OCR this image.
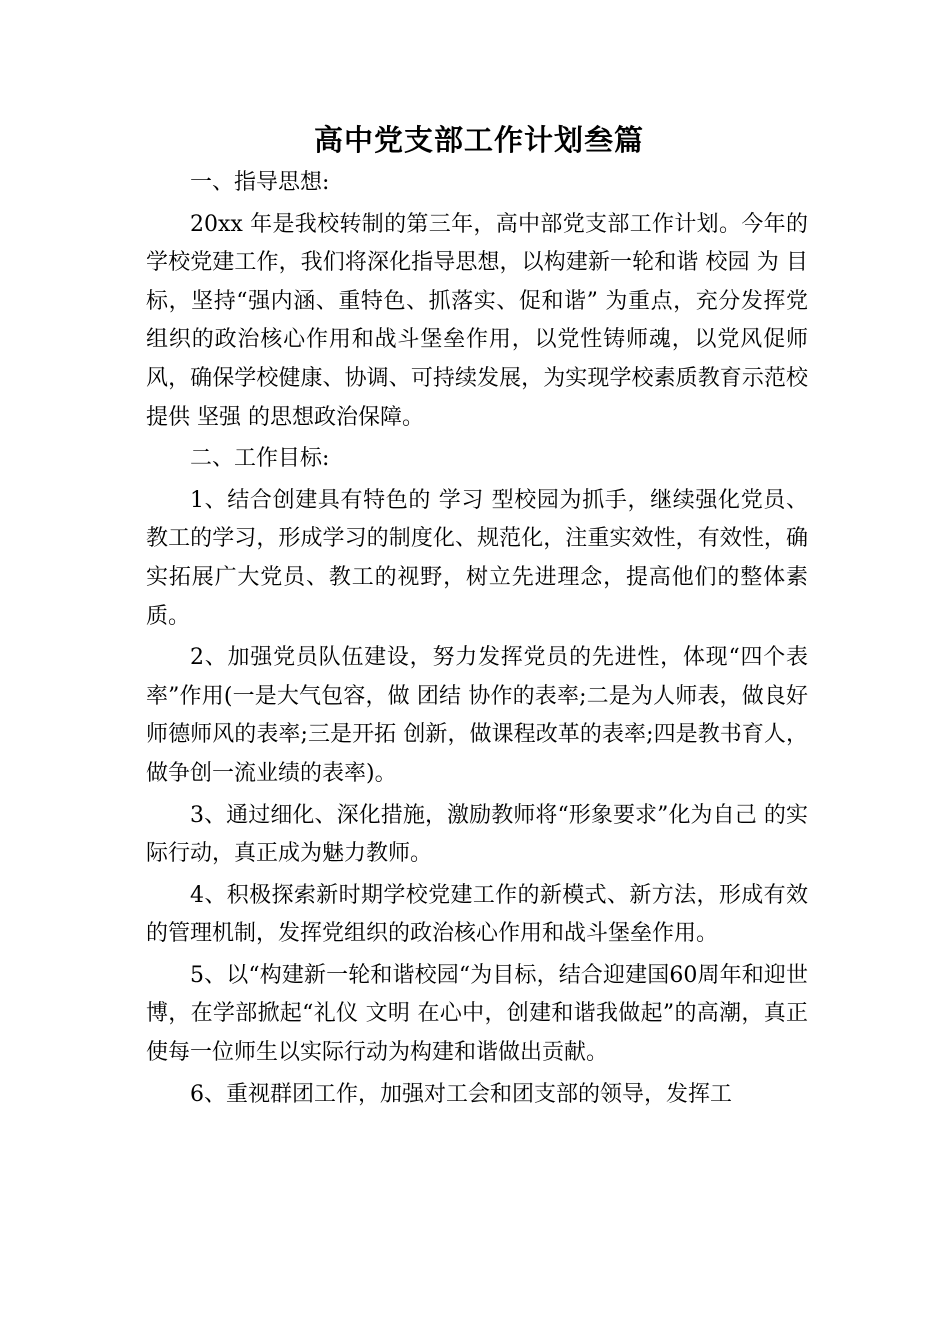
高中党支部工作计划叁篇

一、指导思想:

20xx 年是我校转制的第三年，高中部党支部工作计划。今年的学校党建工作，我们将深化指导思想，以构建新一轮和谐 校园 为 目标，坚持“强内涵、重特色、抓落实、促和谐” 为重点，充分发挥党组织的政治核心作用和战斗堡垒作用，以党性铸师魂，以党风促师风，确保学校健康、协调、可持续发展，为实现学校素质教育示范校提供 坚强 的思想政治保障。

二、工作目标:

1、结合创建具有特色的 学习 型校园为抓手，继续强化党员、教工的学习，形成学习的制度化、规范化，注重实效性，有效性，确实拓展广大党员、教工的视野，树立先进理念，提高他们的整体素质。

2、加强党员队伍建设，努力发挥党员的先进性，体现“四个表率”作用(一是大气包容，做 团结 协作的表率;二是为人师表，做良好师德师风的表率;三是开拓 创新，做课程改革的表率;四是教书育人，做争创一流业绩的表率)。

3、通过细化、深化措施，激励教师将“形象要求”化为自己 的实际行动，真正成为魅力教师。

4、积极探索新时期学校党建工作的新模式、新方法，形成有效的管理机制，发挥党组织的政治核心作用和战斗堡垒作用。

5、以“构建新一轮和谐校园“为目标，结合迎建国60周年和迎世博，在学部掀起“礼仪 文明 在心中，创建和谐我做起”的高潮，真正使每一位师生以实际行动为构建和谐做出贡献。

6、重视群团工作，加强对工会和团支部的领导，发挥工
